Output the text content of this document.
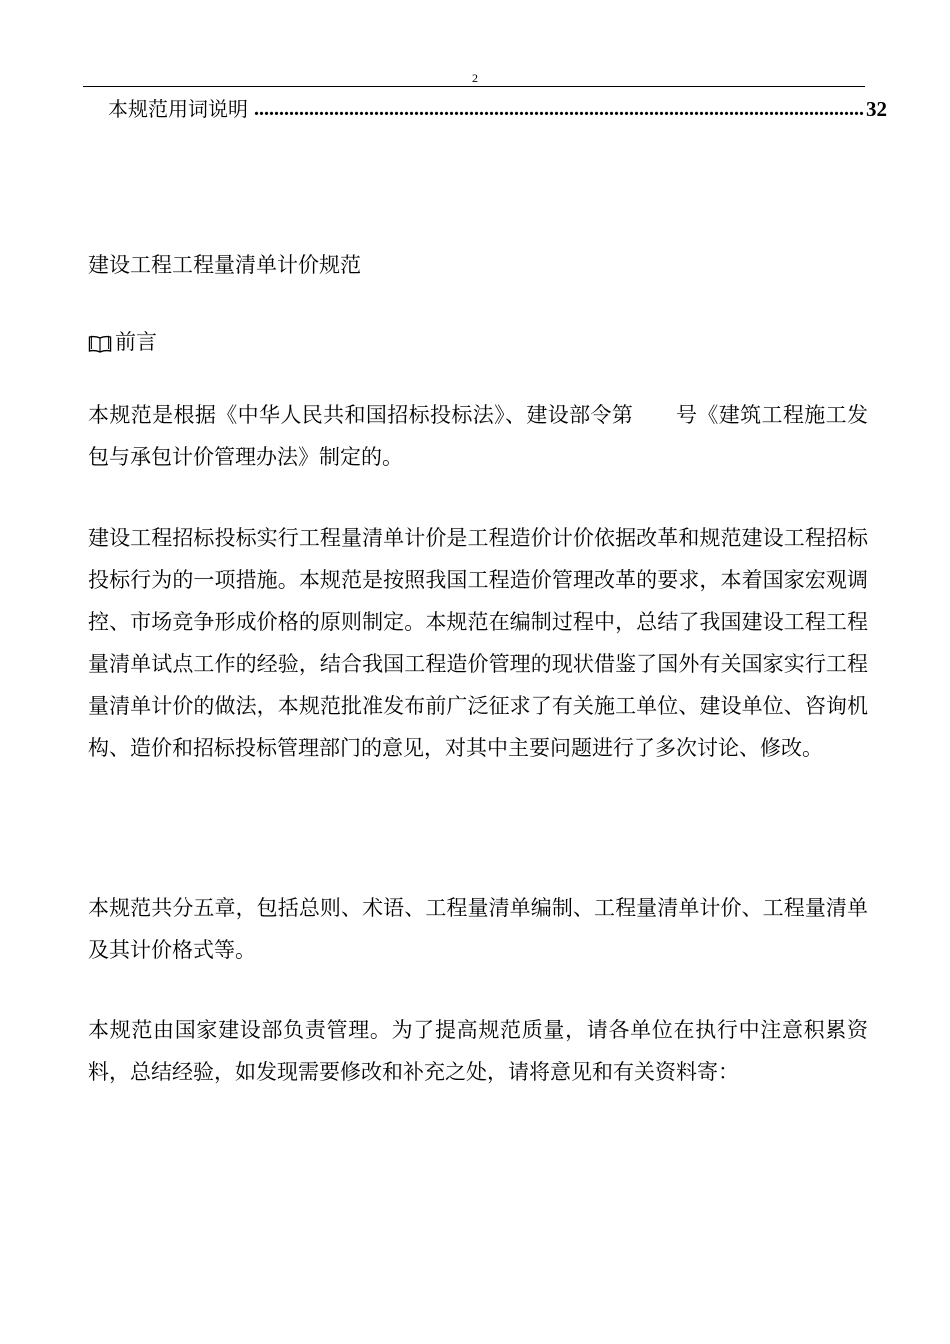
2
本规范用词说明 .......................................................................................................................... 32
建设工程工程量清单计价规范
前言

本规范是根据《中华人民共和国招标投标法》、建设部令第　　号《建筑工程施工发包与承包计价管理办法》制定的。

建设工程招标投标实行工程量清单计价是工程造价计价依据改革和规范建设工程招标投标行为的一项措施。本规范是按照我国工程造价管理改革的要求，本着国家宏观调控、市场竞争形成价格的原则制定。本规范在编制过程中，总结了我国建设工程工程量清单试点工作的经验，结合我国工程造价管理的现状借鉴了国外有关国家实行工程量清单计价的做法，本规范批准发布前广泛征求了有关施工单位、建设单位、咨询机构、造价和招标投标管理部门的意见，对其中主要问题进行了多次讨论、修改。

本规范共分五章，包括总则、术语、工程量清单编制、工程量清单计价、工程量清单及其计价格式等。

本规范由国家建设部负责管理。为了提高规范质量，请各单位在执行中注意积累资料，总结经验，如发现需要修改和补充之处，请将意见和有关资料寄：
